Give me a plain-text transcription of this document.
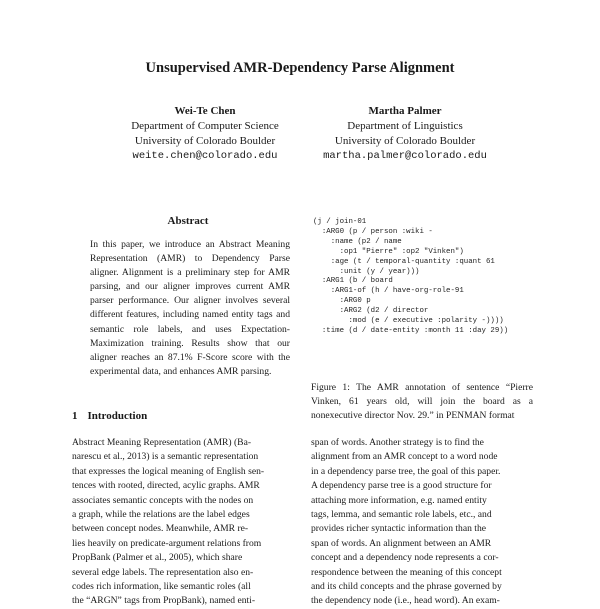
Unsupervised AMR-Dependency Parse Alignment
Wei-Te Chen
Department of Computer Science
University of Colorado Boulder
weite.chen@colorado.edu
Martha Palmer
Department of Linguistics
University of Colorado Boulder
martha.palmer@colorado.edu
Abstract
In this paper, we introduce an Abstract Meaning Representation (AMR) to Dependency Parse aligner. Alignment is a preliminary step for AMR parsing, and our aligner improves current AMR parser performance. Our aligner involves several different features, including named entity tags and semantic role labels, and uses Expectation-Maximization training. Results show that our aligner reaches an 87.1% F-Score score with the experimental data, and enhances AMR parsing.
(j / join-01
:ARG0 (p / person :wiki -
:name (p2 / name
:op1 "Pierre" :op2 "Vinken")
:age (t / temporal-quantity :quant 61
:unit (y / year)))
:ARG1 (b / board
:ARG1-of (h / have-org-role-91
:ARG0 p
:ARG2 (d2 / director
:mod (e / executive :polarity -))))
:time (d / date-entity :month 11 :day 29))
Figure 1: The AMR annotation of sentence “Pierre Vinken, 61 years old, will join the board as a nonexecutive director Nov. 29.” in PENMAN format
1 Introduction
Abstract Meaning Representation (AMR) (Ba-
narescu et al., 2013) is a semantic representation
that expresses the logical meaning of English sen-
tences with rooted, directed, acylic graphs. AMR
associates semantic concepts with the nodes on
a graph, while the relations are the label edges
between concept nodes. Meanwhile, AMR re-
lies heavily on predicate-argument relations from
PropBank (Palmer et al., 2005), which share
several edge labels. The representation also en-
codes rich information, like semantic roles (all
the “ARGN” tags from PropBank), named enti-
span of words. Another strategy is to find the
alignment from an AMR concept to a word node
in a dependency parse tree, the goal of this paper.
A dependency parse tree is a good structure for
attaching more information, e.g. named entity
tags, lemma, and semantic role labels, etc., and
provides richer syntactic information than the
span of words. An alignment between an AMR
concept and a dependency node represents a cor-
respondence between the meaning of this concept
and its child concepts and the phrase governed by
the dependency node (i.e., head word). An exam-
